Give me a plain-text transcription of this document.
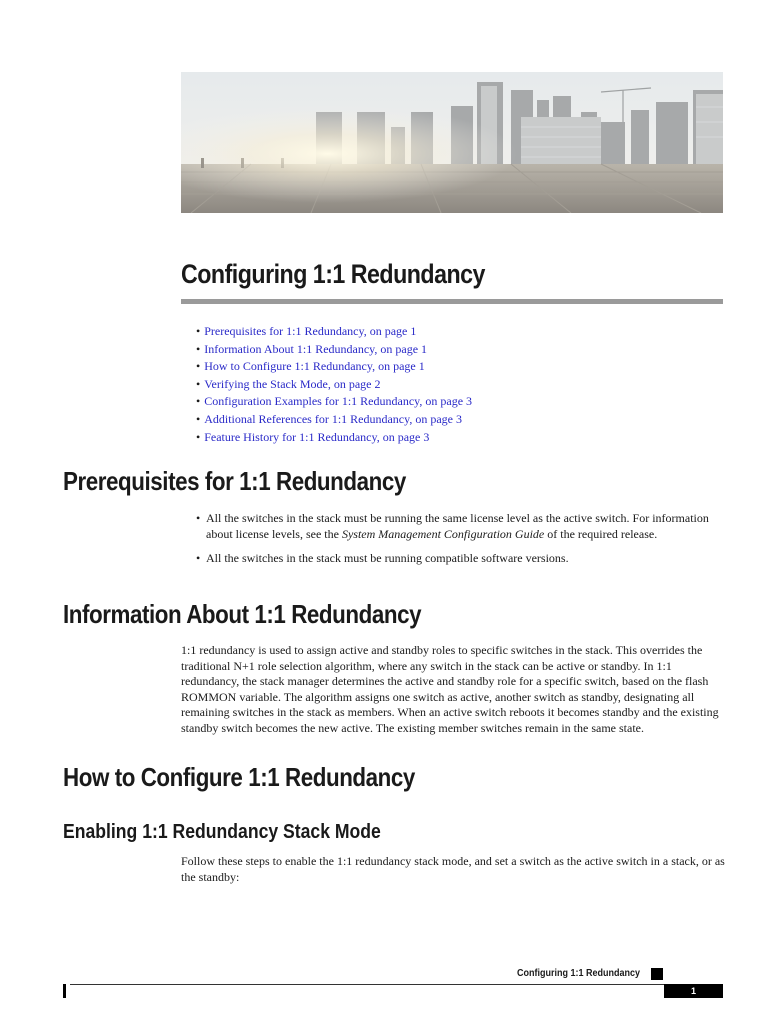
Configuring 1:1 Redundancy
• Prerequisites for 1:1 Redundancy, on page 1
• Information About 1:1 Redundancy, on page 1
• How to Configure 1:1 Redundancy, on page 1
• Verifying the Stack Mode, on page 2
• Configuration Examples for 1:1 Redundancy, on page 3
• Additional References for 1:1 Redundancy, on page 3
• Feature History for 1:1 Redundancy, on page 3
Prerequisites for 1:1 Redundancy
• All the switches in the stack must be running the same license level as the active switch. For information about license levels, see the System Management Configuration Guide of the required release.
• All the switches in the stack must be running compatible software versions.
Information About 1:1 Redundancy

1:1 redundancy is used to assign active and standby roles to specific switches in the stack. This overrides the traditional N+1 role selection algorithm, where any switch in the stack can be active or standby. In 1:1 redundancy, the stack manager determines the active and standby role for a specific switch, based on the flash ROMMON variable. The algorithm assigns one switch as active, another switch as standby, designating all remaining switches in the stack as members. When an active switch reboots it becomes standby and the existing standby switch becomes the new active. The existing member switches remain in the same state.

How to Configure 1:1 Redundancy
Enabling 1:1 Redundancy Stack Mode

Follow these steps to enable the 1:1 redundancy stack mode, and set a switch as the active switch in a stack, or as the standby:

Configuring 1:1 Redundancy
1
